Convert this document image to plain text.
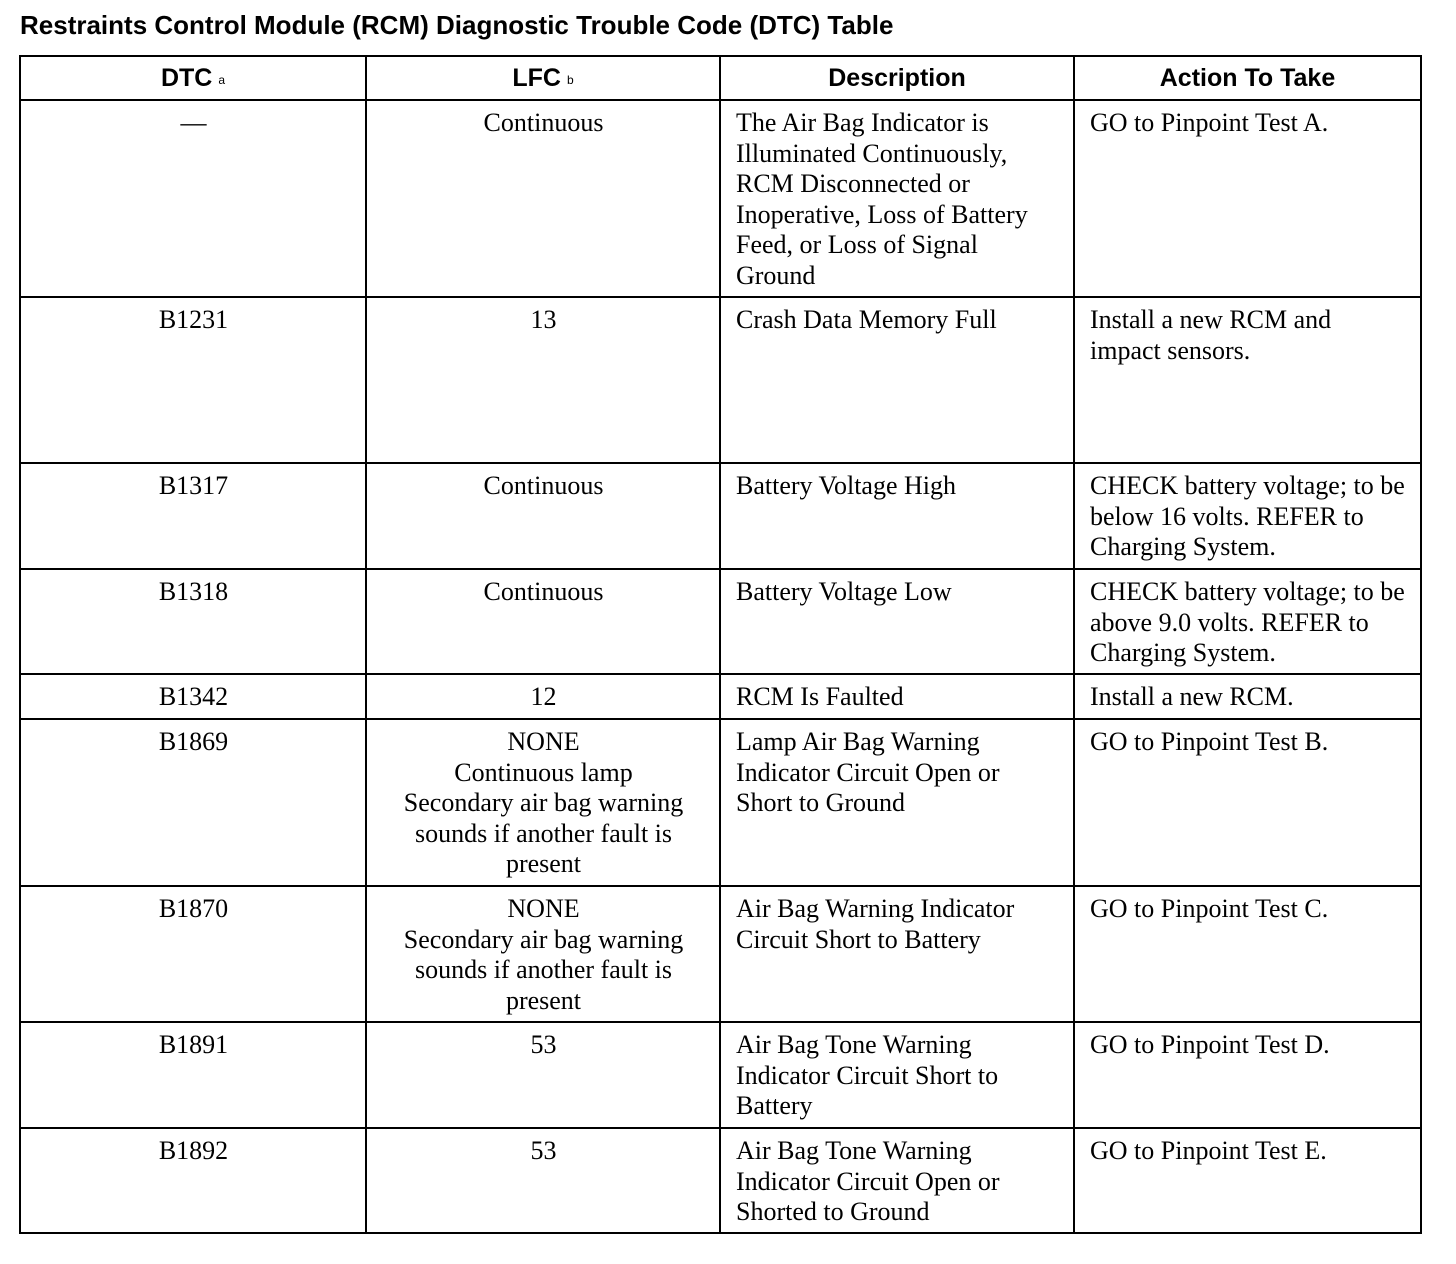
Restraints Control Module (RCM) Diagnostic Trouble Code (DTC) Table
DTC $^a$	LFC $^b$	Description	Action To Take
—	Continuous	The Air Bag Indicator is Illuminated Continuously, RCM Disconnected or Inoperative, Loss of Battery Feed, or Loss of Signal Ground	GO to Pinpoint Test A.
B1231	13	Crash Data Memory Full	Install a new RCM and impact sensors.
B1317	Continuous	Battery Voltage High	CHECK battery voltage; to be below 16 volts. REFER to Charging System.
B1318	Continuous	Battery Voltage Low	CHECK battery voltage; to be above 9.0 volts. REFER to Charging System.
B1342	12	RCM Is Faulted	Install a new RCM.
B1869	NONE
Continuous lamp
Secondary air bag warning sounds if another fault is present	Lamp Air Bag Warning Indicator Circuit Open or Short to Ground	GO to Pinpoint Test B.
B1870	NONE
Secondary air bag warning sounds if another fault is present	Air Bag Warning Indicator Circuit Short to Battery	GO to Pinpoint Test C.
B1891	53	Air Bag Tone Warning Indicator Circuit Short to Battery	GO to Pinpoint Test D.
B1892	53	Air Bag Tone Warning Indicator Circuit Open or Shorted to Ground	GO to Pinpoint Test E.
